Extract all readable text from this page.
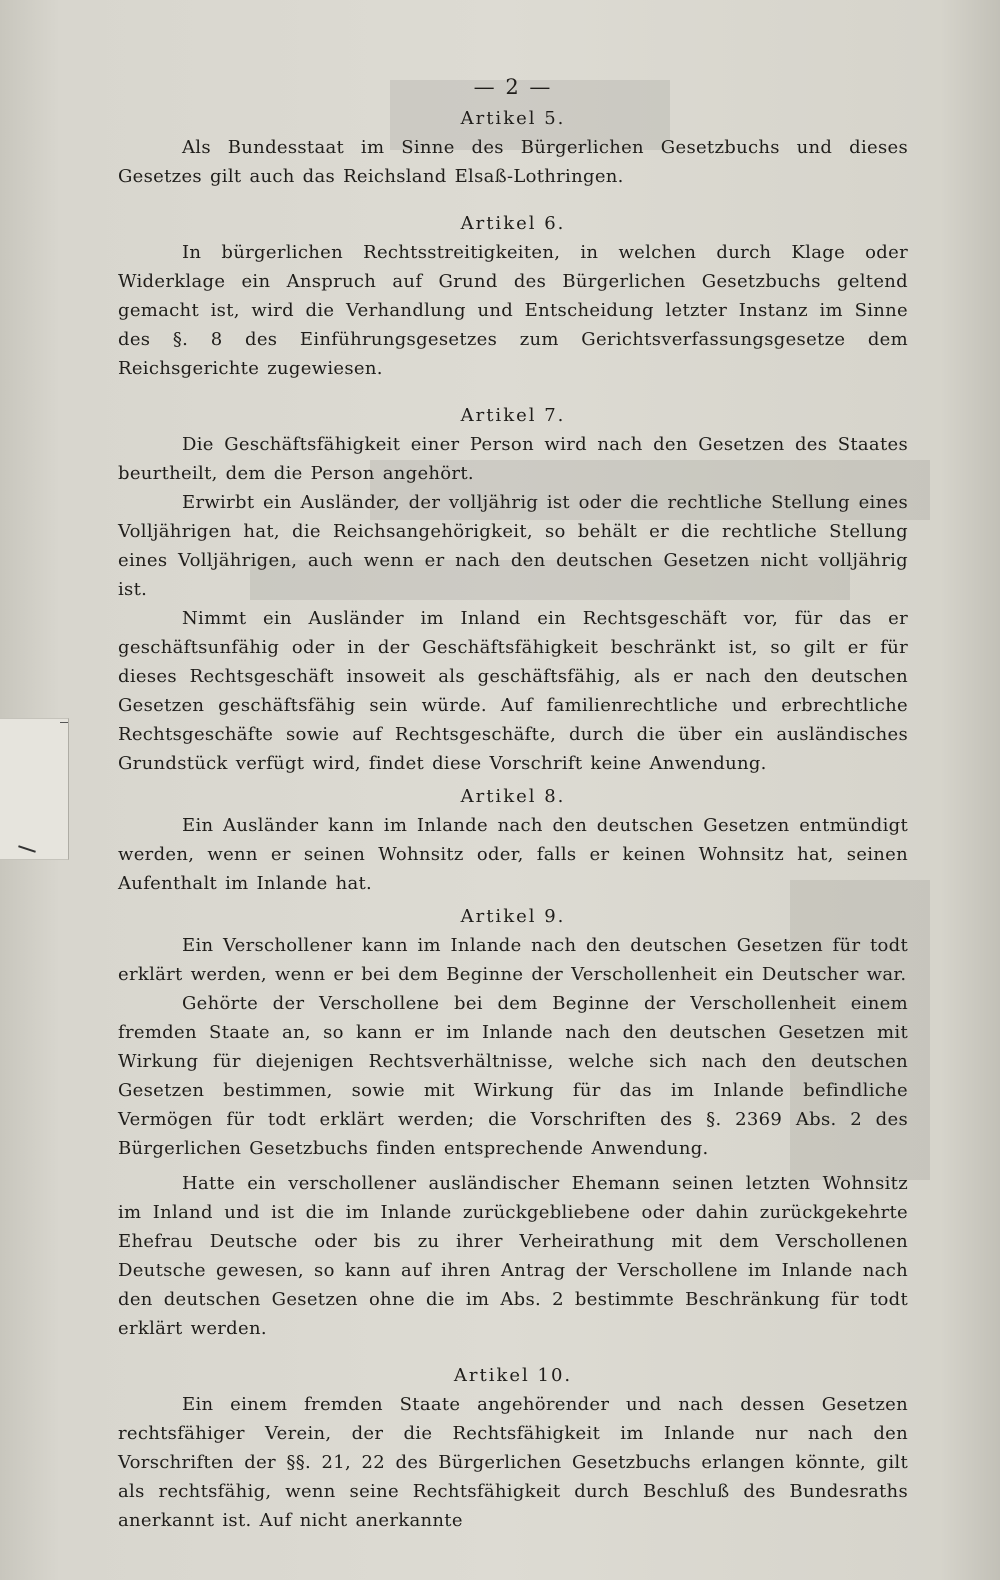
— 2 —
Artikel 5.

Als Bundesstaat im Sinne des Bürgerlichen Gesetzbuchs und dieses Gesetzes gilt auch das Reichsland Elsaß-Lothringen.

Artikel 6.

In bürgerlichen Rechtsstreitigkeiten, in welchen durch Klage oder Widerklage ein Anspruch auf Grund des Bürgerlichen Gesetzbuchs geltend gemacht ist, wird die Verhandlung und Entscheidung letzter Instanz im Sinne des §. 8 des Einführungsgesetzes zum Gerichtsverfassungsgesetze dem Reichsgerichte zugewiesen.

Artikel 7.

Die Geschäftsfähigkeit einer Person wird nach den Gesetzen des Staates beurtheilt, dem die Person angehört.

Erwirbt ein Ausländer, der volljährig ist oder die rechtliche Stellung eines Volljährigen hat, die Reichsangehörigkeit, so behält er die rechtliche Stellung eines Volljährigen, auch wenn er nach den deutschen Gesetzen nicht volljährig ist.

Nimmt ein Ausländer im Inland ein Rechtsgeschäft vor, für das er geschäftsunfähig oder in der Geschäftsfähigkeit beschränkt ist, so gilt er für dieses Rechtsgeschäft insoweit als geschäftsfähig, als er nach den deutschen Gesetzen geschäftsfähig sein würde. Auf familienrechtliche und erbrechtliche Rechtsgeschäfte sowie auf Rechtsgeschäfte, durch die über ein ausländisches Grundstück verfügt wird, findet diese Vorschrift keine Anwendung.

Artikel 8.

Ein Ausländer kann im Inlande nach den deutschen Gesetzen entmündigt werden, wenn er seinen Wohnsitz oder, falls er keinen Wohnsitz hat, seinen Aufenthalt im Inlande hat.

Artikel 9.

Ein Verschollener kann im Inlande nach den deutschen Gesetzen für todt erklärt werden, wenn er bei dem Beginne der Verschollenheit ein Deutscher war.

Gehörte der Verschollene bei dem Beginne der Verschollenheit einem fremden Staate an, so kann er im Inlande nach den deutschen Gesetzen mit Wirkung für diejenigen Rechtsverhältnisse, welche sich nach den deutschen Gesetzen bestimmen, sowie mit Wirkung für das im Inlande befindliche Vermögen für todt erklärt werden; die Vorschriften des §. 2369 Abs. 2 des Bürgerlichen Gesetzbuchs finden entsprechende Anwendung.

Hatte ein verschollener ausländischer Ehemann seinen letzten Wohnsitz im Inland und ist die im Inlande zurückgebliebene oder dahin zurückgekehrte Ehefrau Deutsche oder bis zu ihrer Verheirathung mit dem Verschollenen Deutsche gewesen, so kann auf ihren Antrag der Verschollene im Inlande nach den deutschen Gesetzen ohne die im Abs. 2 bestimmte Beschränkung für todt erklärt werden.

Artikel 10.

Ein einem fremden Staate angehörender und nach dessen Gesetzen rechtsfähiger Verein, der die Rechtsfähigkeit im Inlande nur nach den Vorschriften der §§. 21, 22 des Bürgerlichen Gesetzbuchs erlangen könnte, gilt als rechtsfähig, wenn seine Rechtsfähigkeit durch Beschluß des Bundesraths anerkannt ist. Auf nicht anerkannte
